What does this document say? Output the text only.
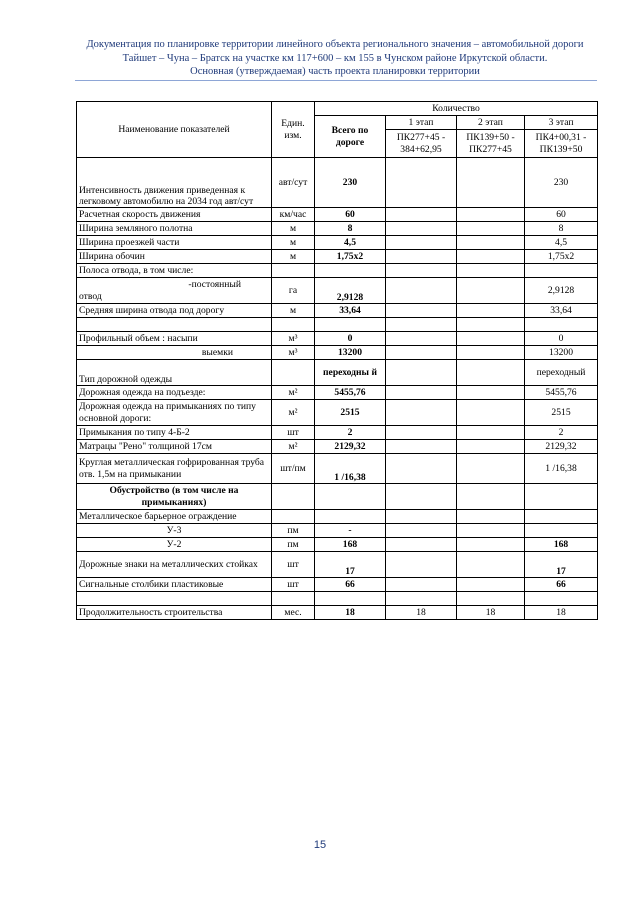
Документация по планировке территории линейного объекта регионального значения – автомобильной дороги
Тайшет – Чуна – Братск на участке км 117+600 – км 155 в Чунском районе Иркутской области.
Основная (утверждаемая) часть проекта планировки территории
Наименование показателей	Един. изм.	Количество			
		Всего по дороге	1 этап	2 этап	3 этап
			ПК277+45 - 384+62,95	ПК139+50 - ПК277+45	ПК4+00,31 - ПК139+50
Интенсивность движения приведенная к легковому автомобилю на 2034 год авт/сут	авт/сут	230			230
Расчетная скорость движения	км/час	60			60
Ширина земляного полотна	м	8			8
Ширина проезжей части	м	4,5			4,5
Ширина обочин	м	1,75х2			1,75х2
Полоса отвода, в том числе:					

-постоянный
отвод	га	2,9128			2,9128
Средняя ширина отвода под дорогу	м	33,64			33,64

Профильный объем : насыпи	м³	0			0
выемки	м³	13200			13200
Тип дорожной одежды		переходны й			переходный
Дорожная одежда на подъезде:	м²	5455,76			5455,76
Дорожная одежда на примыканиях по типу основной дороги:	м²	2515			2515
Примыкания по типу 4-Б-2	шт	2			2
Матрацы "Рено" толщиной 17см	м²	2129,32			2129,32
Круглая металлическая гофрированная труба отв. 1,5м на примыкании	шт/пм	1 /16,38			1 /16,38
Обустройство (в том числе на примыканиях)					
Металлическое барьерное ограждение					
У-3	пм	-			
У-2	пм	168			168
Дорожные знаки на металлических стойках	шт	17			17
Сигнальные столбики пластиковые	шт	66			66

Продолжительность строительства	мес.	18	18	18	18
15
